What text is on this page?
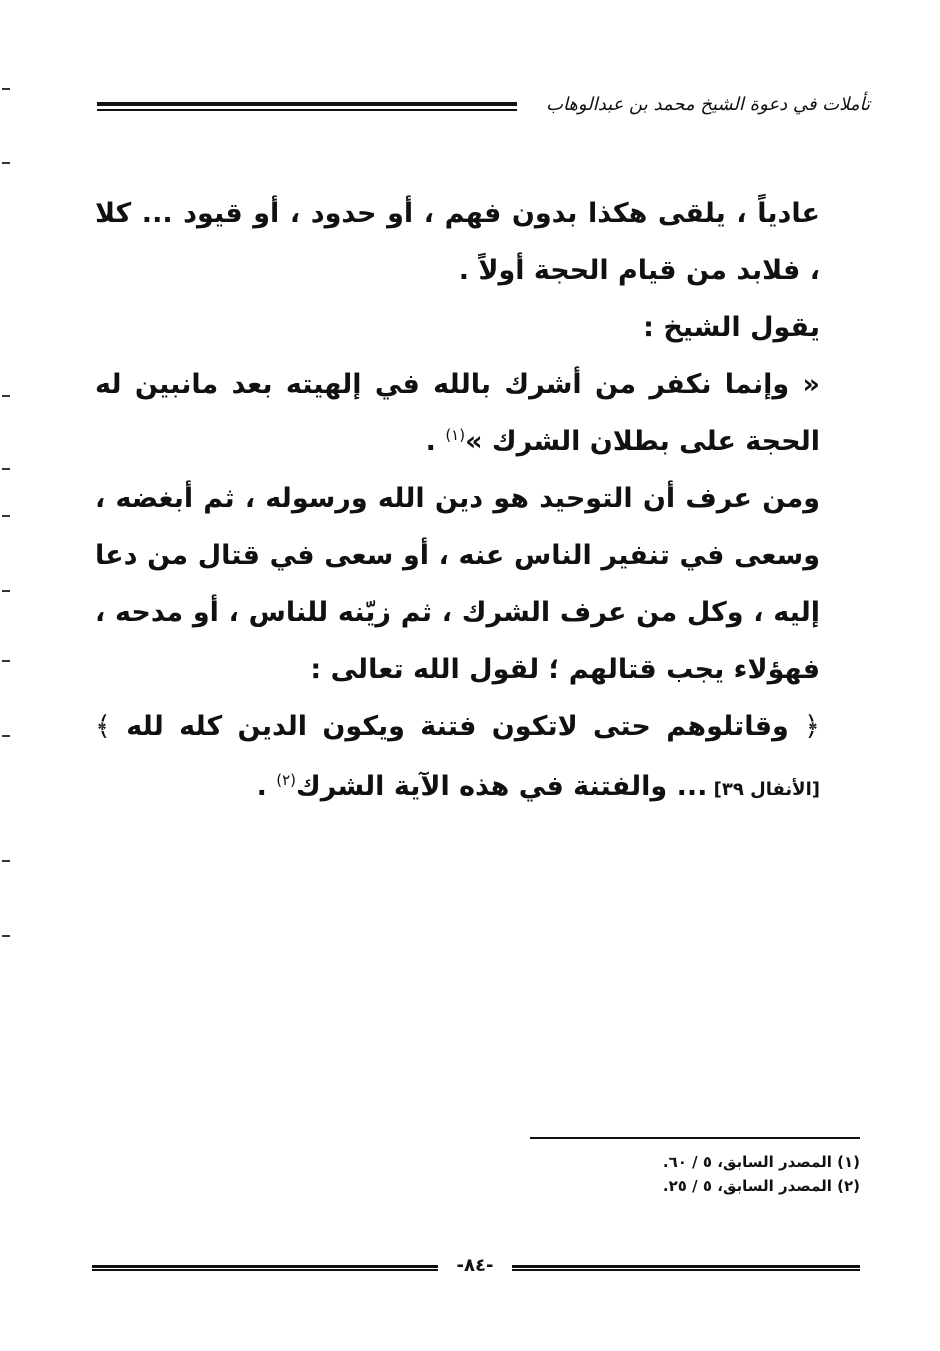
تأملات في دعوة الشيخ محمد بن عبدالوهاب

عادياً ، يلقى هكذا بدون فهم ، أو حدود ، أو قيود ... كلا ، فلابد من قيام الحجة أولاً .

يقول الشيخ :

« وإنما نكفر من أشرك بالله في إلهيته بعد مانبين له الحجة على بطلان الشرك »$^{(١)}$ .

ومن عرف أن التوحيد هو دين الله ورسوله ، ثم أبغضه ، وسعى في تنفير الناس عنه ، أو سعى في قتال من دعا إليه ، وكل من عرف الشرك ، ثم زيّنه للناس ، أو مدحه ، فهؤلاء يجب قتالهم ؛ لقول الله تعالى :

﴿ وقاتلوهم حتى لاتكون فتنة ويكون الدين كله لله ﴾ [الأنفال ٣٩] ... والفتنة في هذه الآية الشرك$^{(٢)}$ .

(١) المصدر السابق، ٥ / ٦٠.
(٢) المصدر السابق، ٥ / ٢٥.
-٨٤-
